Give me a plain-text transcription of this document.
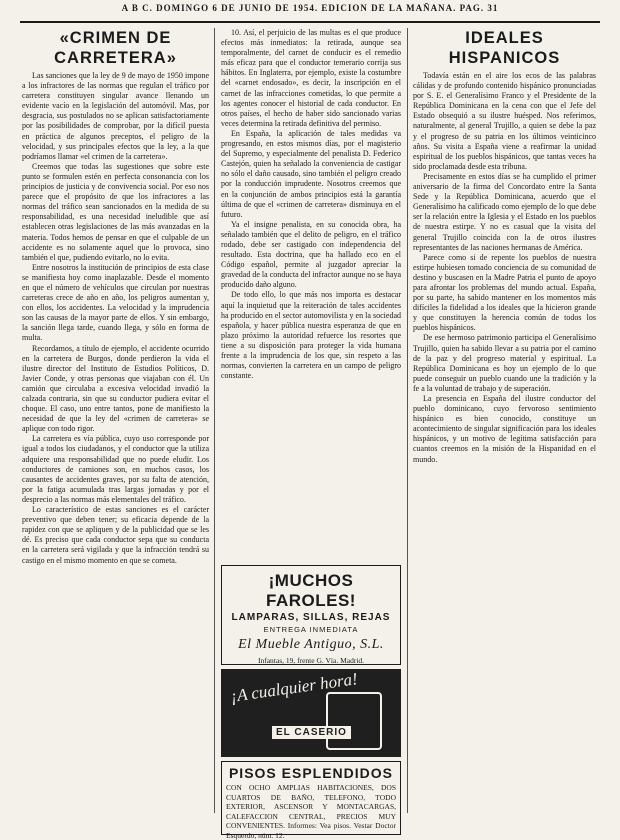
A B C. DOMINGO 6 DE JUNIO DE 1954. EDICION DE LA MAÑANA. PAG. 31
«CRIMEN DE CARRETERA»

Las sanciones que la ley de 9 de mayo de 1950 impone a los infractores de las normas que regulan el tráfico por carretera constituyen singular avance llenando un evidente vacío en la legislación del automóvil. Mas, por desgracia, sus postulados no se aplican satisfactoriamente por las posibilidades de comprobar, por la difícil puesta en práctica de algunos preceptos, el peligro de la velocidad, y sus principales efectos que la ley, a la que podríamos llamar «el crimen de la carretera».

Creemos que todas las sugestiones que sobre este punto se formulen estén en perfecta consonancia con los principios de justicia y de convivencia social. Por eso nos parece que el propósito de que los infractores a las normas del tráfico sean sancionados en la medida de su responsabilidad, es una necesidad ineludible que así establecen otras legislaciones de las más avanzadas en la materia. Todos hemos de pensar en que el culpable de un accidente es no solamente aquel que lo provoca, sino también el que, pudiendo evitarlo, no lo evita.

Entre nosotros la institución de principios de esta clase se manifiesta hoy como inaplazable. Desde el momento en que el número de vehículos que circulan por nuestras carreteras crece de año en año, los peligros aumentan y, con ellos, los accidentes. La velocidad y la imprudencia son las causas de la mayor parte de ellos. Y sin embargo, la sanción llega tarde, cuando llega, y sólo en forma de multa.

Recordamos, a título de ejemplo, el accidente ocurrido en la carretera de Burgos, donde perdieron la vida el ilustre director del Instituto de Estudios Políticos, D. Javier Conde, y otras personas que viajaban con él. Un camión que circulaba a excesiva velocidad invadió la calzada contraria, sin que su conductor pudiera evitar el choque. El caso, uno entre tantos, pone de manifiesto la necesidad de que la ley del «crimen de carretera» se aplique con todo rigor.

La carretera es vía pública, cuyo uso corresponde por igual a todos los ciudadanos, y el conductor que la utiliza adquiere una responsabilidad que no puede eludir. Los conductores de camiones son, en muchos casos, los causantes de accidentes graves, por su falta de atención, por la fatiga acumulada tras largas jornadas y por el desprecio a las normas más elementales del tráfico.

Lo característico de estas sanciones es el carácter preventivo que deben tener; su eficacia depende de la rapidez con que se apliquen y de la publicidad que se les dé. Es preciso que cada conductor sepa que su conducta en la carretera será vigilada y que la infracción tendrá su castigo en el mismo momento en que se cometa.

10. Así, el perjuicio de las multas es el que produce efectos más inmediatos: la retirada, aunque sea temporalmente, del carnet de conducir es el remedio más eficaz para que el conductor temerario corrija sus hábitos. En Inglaterra, por ejemplo, existe la costumbre del «carnet endosado», es decir, la inscripción en el carnet de las infracciones cometidas, lo que permite a los agentes conocer el historial de cada conductor. En otros países, el hecho de haber sido sancionado varias veces determina la retirada definitiva del permiso.

En España, la aplicación de tales medidas va progresando, en estos mismos días, por el magisterio del Supremo, y especialmente del penalista D. Federico Castejón, quien ha señalado la conveniencia de castigar no sólo el daño causado, sino también el peligro creado por la conducción imprudente. Nosotros creemos que en la conjunción de ambos principios está la garantía última de que el «crimen de carretera» disminuya en el futuro.

Ya el insigne penalista, en su conocida obra, ha señalado también que el delito de peligro, en el tráfico rodado, debe ser castigado con independencia del resultado. Esta doctrina, que ha hallado eco en el Código español, permite al juzgador apreciar la gravedad de la conducta del infractor aunque no se haya producido daño alguno.

De todo ello, lo que más nos importa es destacar aquí la inquietud que la reiteración de tales accidentes ha producido en el sector automovilista y en la sociedad española, y hacer pública nuestra esperanza de que en plazo próximo la autoridad refuerce los resortes que tiene a su disposición para proteger la vida humana frente a la imprudencia de los que, sin respeto a las normas, convierten la carretera en un campo de peligro constante.

¡MUCHOS FAROLES!
LAMPARAS, SILLAS, REJAS
ENTREGA INMEDIATA
El Mueble Antiguo, S.L.
Infantas, 19, frente G. Vía. Madrid.
¡A cualquier hora!
EL CASERIO
PISOS ESPLENDIDOS
CON OCHO AMPLIAS HABITACIONES, DOS CUARTOS DE BAÑO, TELEFONO, TODO EXTERIOR, ASCENSOR Y MONTACARGAS, CALEFACCION CENTRAL, PRECIOS MUY CONVENIENTES. Informes: Vea pisos. Vestar Doctor Esquerdo, núm. 12.
IDEALES HISPANICOS

Todavía están en el aire los ecos de las palabras cálidas y de profundo contenido hispánico pronunciadas por S. E. el Generalísimo Franco y el Presidente de la República Dominicana en la cena con que el Jefe del Estado obsequió a su ilustre huésped. Nos referimos, naturalmente, al general Trujillo, a quien se debe la paz y el progreso de su patria en los últimos veinticinco años. Su visita a España viene a reafirmar la unidad espiritual de los pueblos hispánicos, que tantas veces ha sido proclamada desde esta tribuna.

Precisamente en estos días se ha cumplido el primer aniversario de la firma del Concordato entre la Santa Sede y la República Dominicana, acuerdo que el Generalísimo ha calificado como ejemplo de lo que debe ser la relación entre la Iglesia y el Estado en los pueblos de nuestra estirpe. Y no es casual que la visita del general Trujillo coincida con la de otros ilustres representantes de las naciones hermanas de América.

Parece como si de repente los pueblos de nuestra estirpe hubiesen tomado conciencia de su comunidad de destino y buscasen en la Madre Patria el punto de apoyo para afrontar los problemas del mundo actual. España, por su parte, ha sabido mantener en los momentos más difíciles la fidelidad a los ideales que la hicieron grande y que constituyen la herencia común de todos los pueblos hispánicos.

De ese hermoso patrimonio participa el Generalísimo Trujillo, quien ha sabido llevar a su patria por el camino de la paz y del progreso material y espiritual. La República Dominicana es hoy un ejemplo de lo que puede conseguir un pueblo cuando une la tradición y la fe a la voluntad de trabajo y de superación.

La presencia en España del ilustre conductor del pueblo dominicano, cuyo fervoroso sentimiento hispánico es bien conocido, constituye un acontecimiento de singular significación para los ideales hispánicos, y un motivo de legítima satisfacción para cuantos creemos en la misión de la Hispanidad en el mundo.
